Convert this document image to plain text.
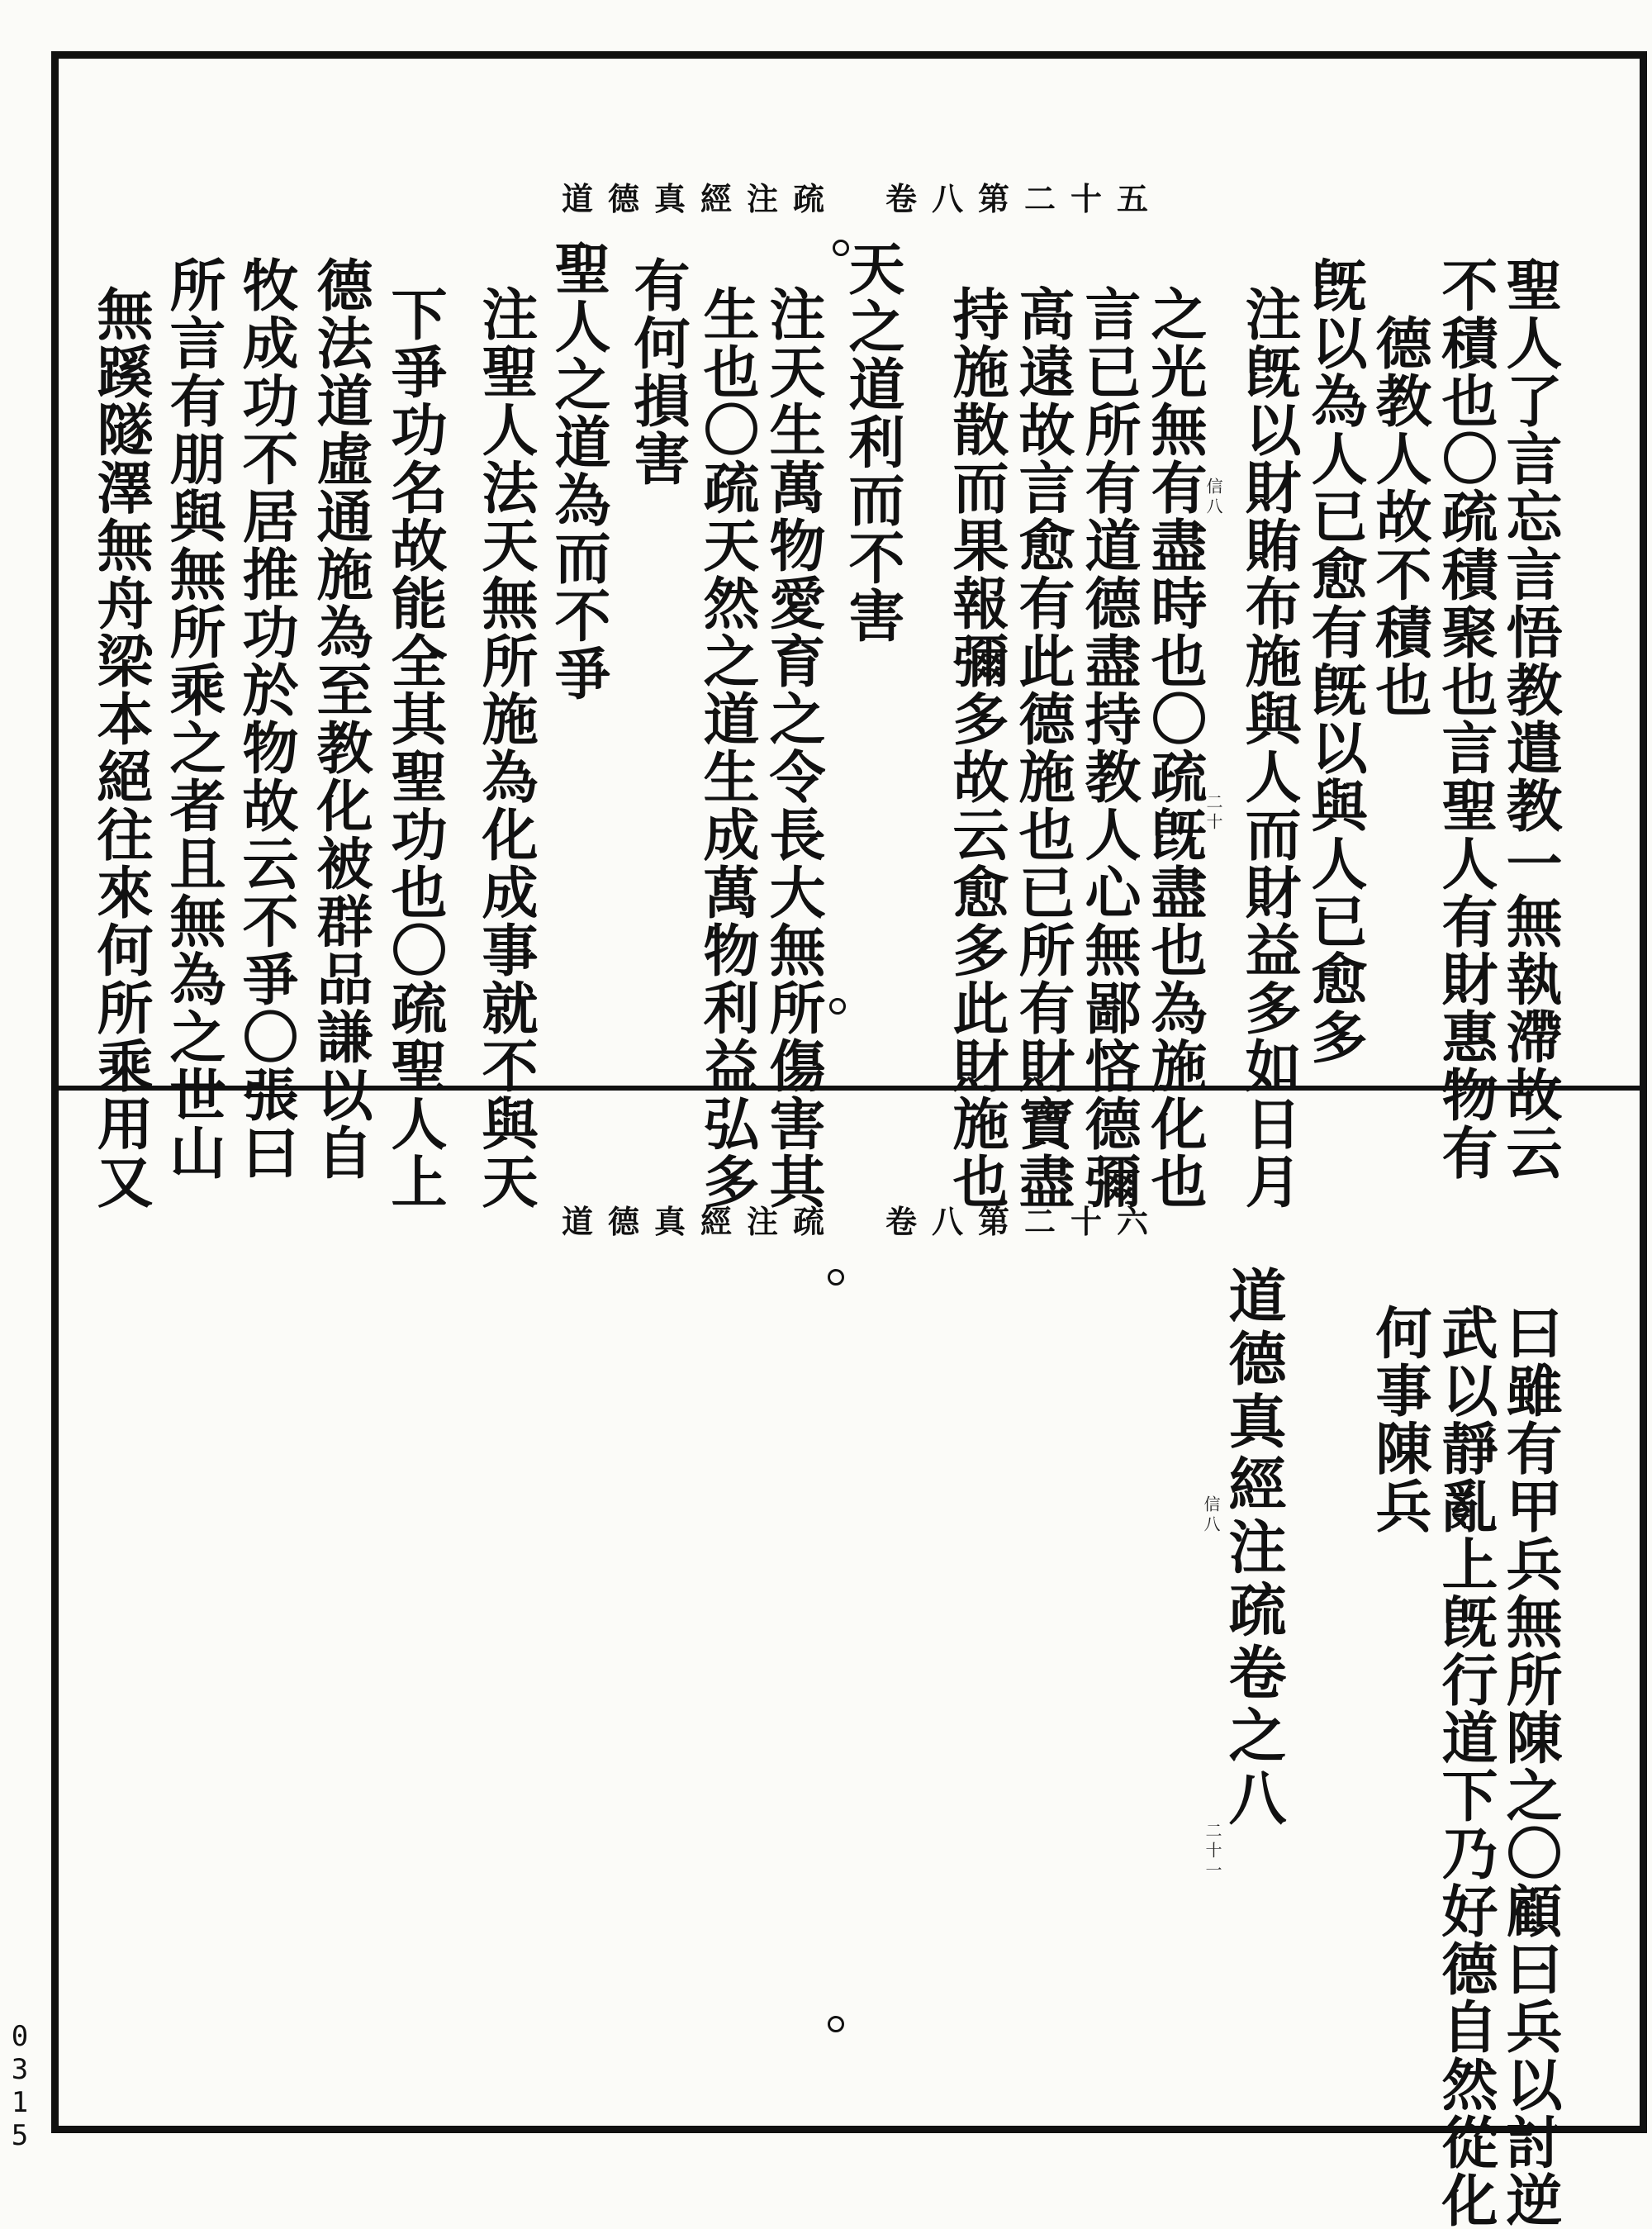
道德真經注疏　卷八第二十五
聖人了言忘言悟教遣教一無執滯故云
不積也〇疏積聚也言聖人有財惠物有
德教人故不積也
旣以為人已愈有旣以與人已愈多
注旣以財賄布施與人而財益多如日月
之光無有盡時也〇疏旣盡也為施化也
言已所有道德盡持教人心無鄙悋德彌
高遠故言愈有此德施也已所有財寶盡
持施散而果報彌多故云愈多此財施也
天之道利而不害
注天生萬物愛育之令長大無所傷害其
生也〇疏天然之道生成萬物利益弘多
有何損害
聖人之道為而不爭
注聖人法天無所施為化成事就不與天
下爭功名故能全其聖功也〇疏聖人上
德法道虛通施為至教化被群品謙以自
牧成功不居推功於物故云不爭〇張曰
所言有朋與無所乘之者且無為之世山
無蹊隧澤無舟梁本絕往來何所乘用又	信八
二十
道德真經注疏　卷八第二十六
曰雖有甲兵無所陳之〇顧曰兵以討逆
武以靜亂上旣行道下乃好德自然從化
何事陳兵
道德真經注疏卷之八
信八
二十一
0315
